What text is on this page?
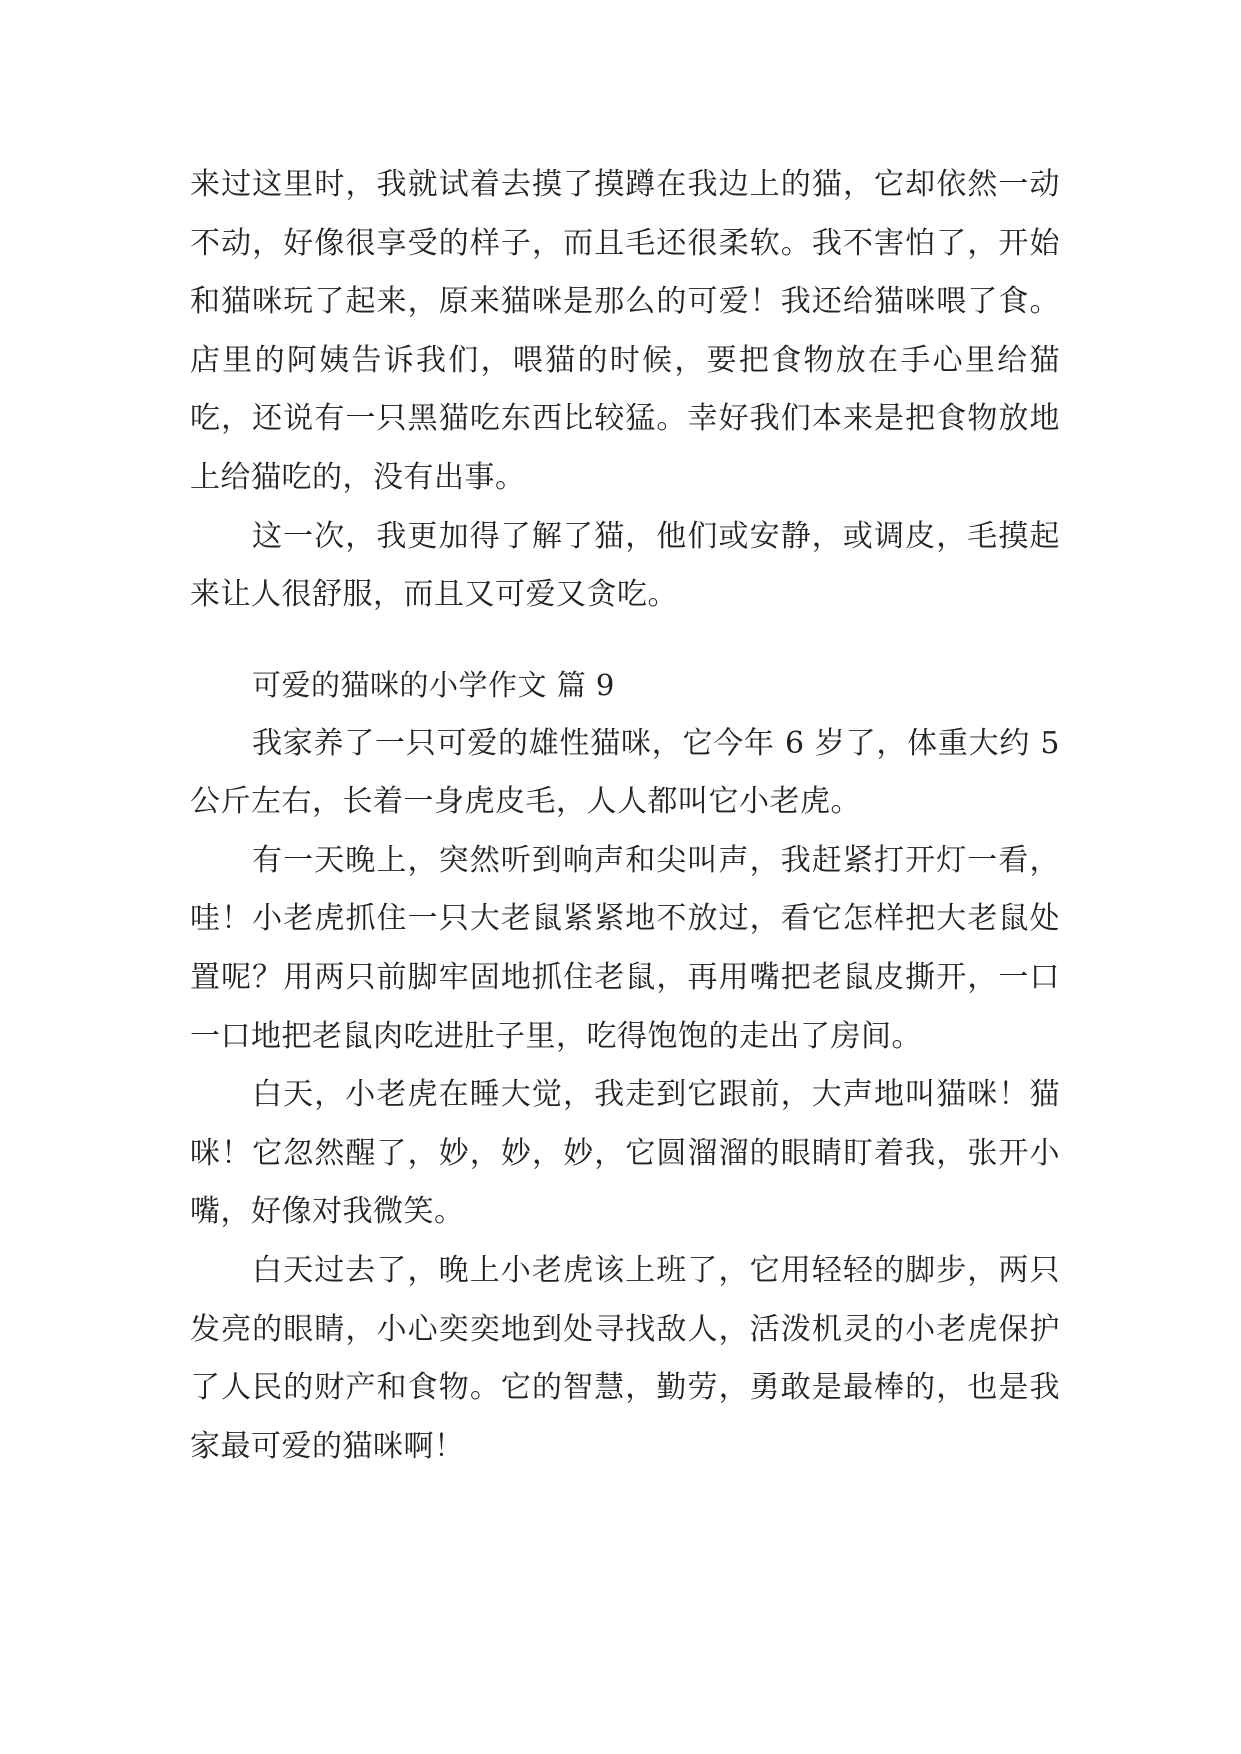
来过这里时，我就试着去摸了摸蹲在我边上的猫，它却依然一动不动，好像很享受的样子，而且毛还很柔软。我不害怕了，开始和猫咪玩了起来，原来猫咪是那么的可爱！我还给猫咪喂了食。店里的阿姨告诉我们，喂猫的时候，要把食物放在手心里给猫吃，还说有一只黑猫吃东西比较猛。幸好我们本来是把食物放地上给猫吃的，没有出事。

这一次，我更加得了解了猫，他们或安静，或调皮，毛摸起来让人很舒服，而且又可爱又贪吃。

可爱的猫咪的小学作文 篇 9

我家养了一只可爱的雄性猫咪，它今年 6 岁了，体重大约 5 公斤左右，长着一身虎皮毛，人人都叫它小老虎。

有一天晚上，突然听到响声和尖叫声，我赶紧打开灯一看，哇！小老虎抓住一只大老鼠紧紧地不放过，看它怎样把大老鼠处置呢？用两只前脚牢固地抓住老鼠，再用嘴把老鼠皮撕开，一口一口地把老鼠肉吃进肚子里，吃得饱饱的走出了房间。

白天，小老虎在睡大觉，我走到它跟前，大声地叫猫咪！猫咪！它忽然醒了，妙，妙，妙，它圆溜溜的眼睛盯着我，张开小嘴，好像对我微笑。

白天过去了，晚上小老虎该上班了，它用轻轻的脚步，两只发亮的眼睛，小心奕奕地到处寻找敌人，活泼机灵的小老虎保护了人民的财产和食物。它的智慧，勤劳，勇敢是最棒的，也是我家最可爱的猫咪啊！
